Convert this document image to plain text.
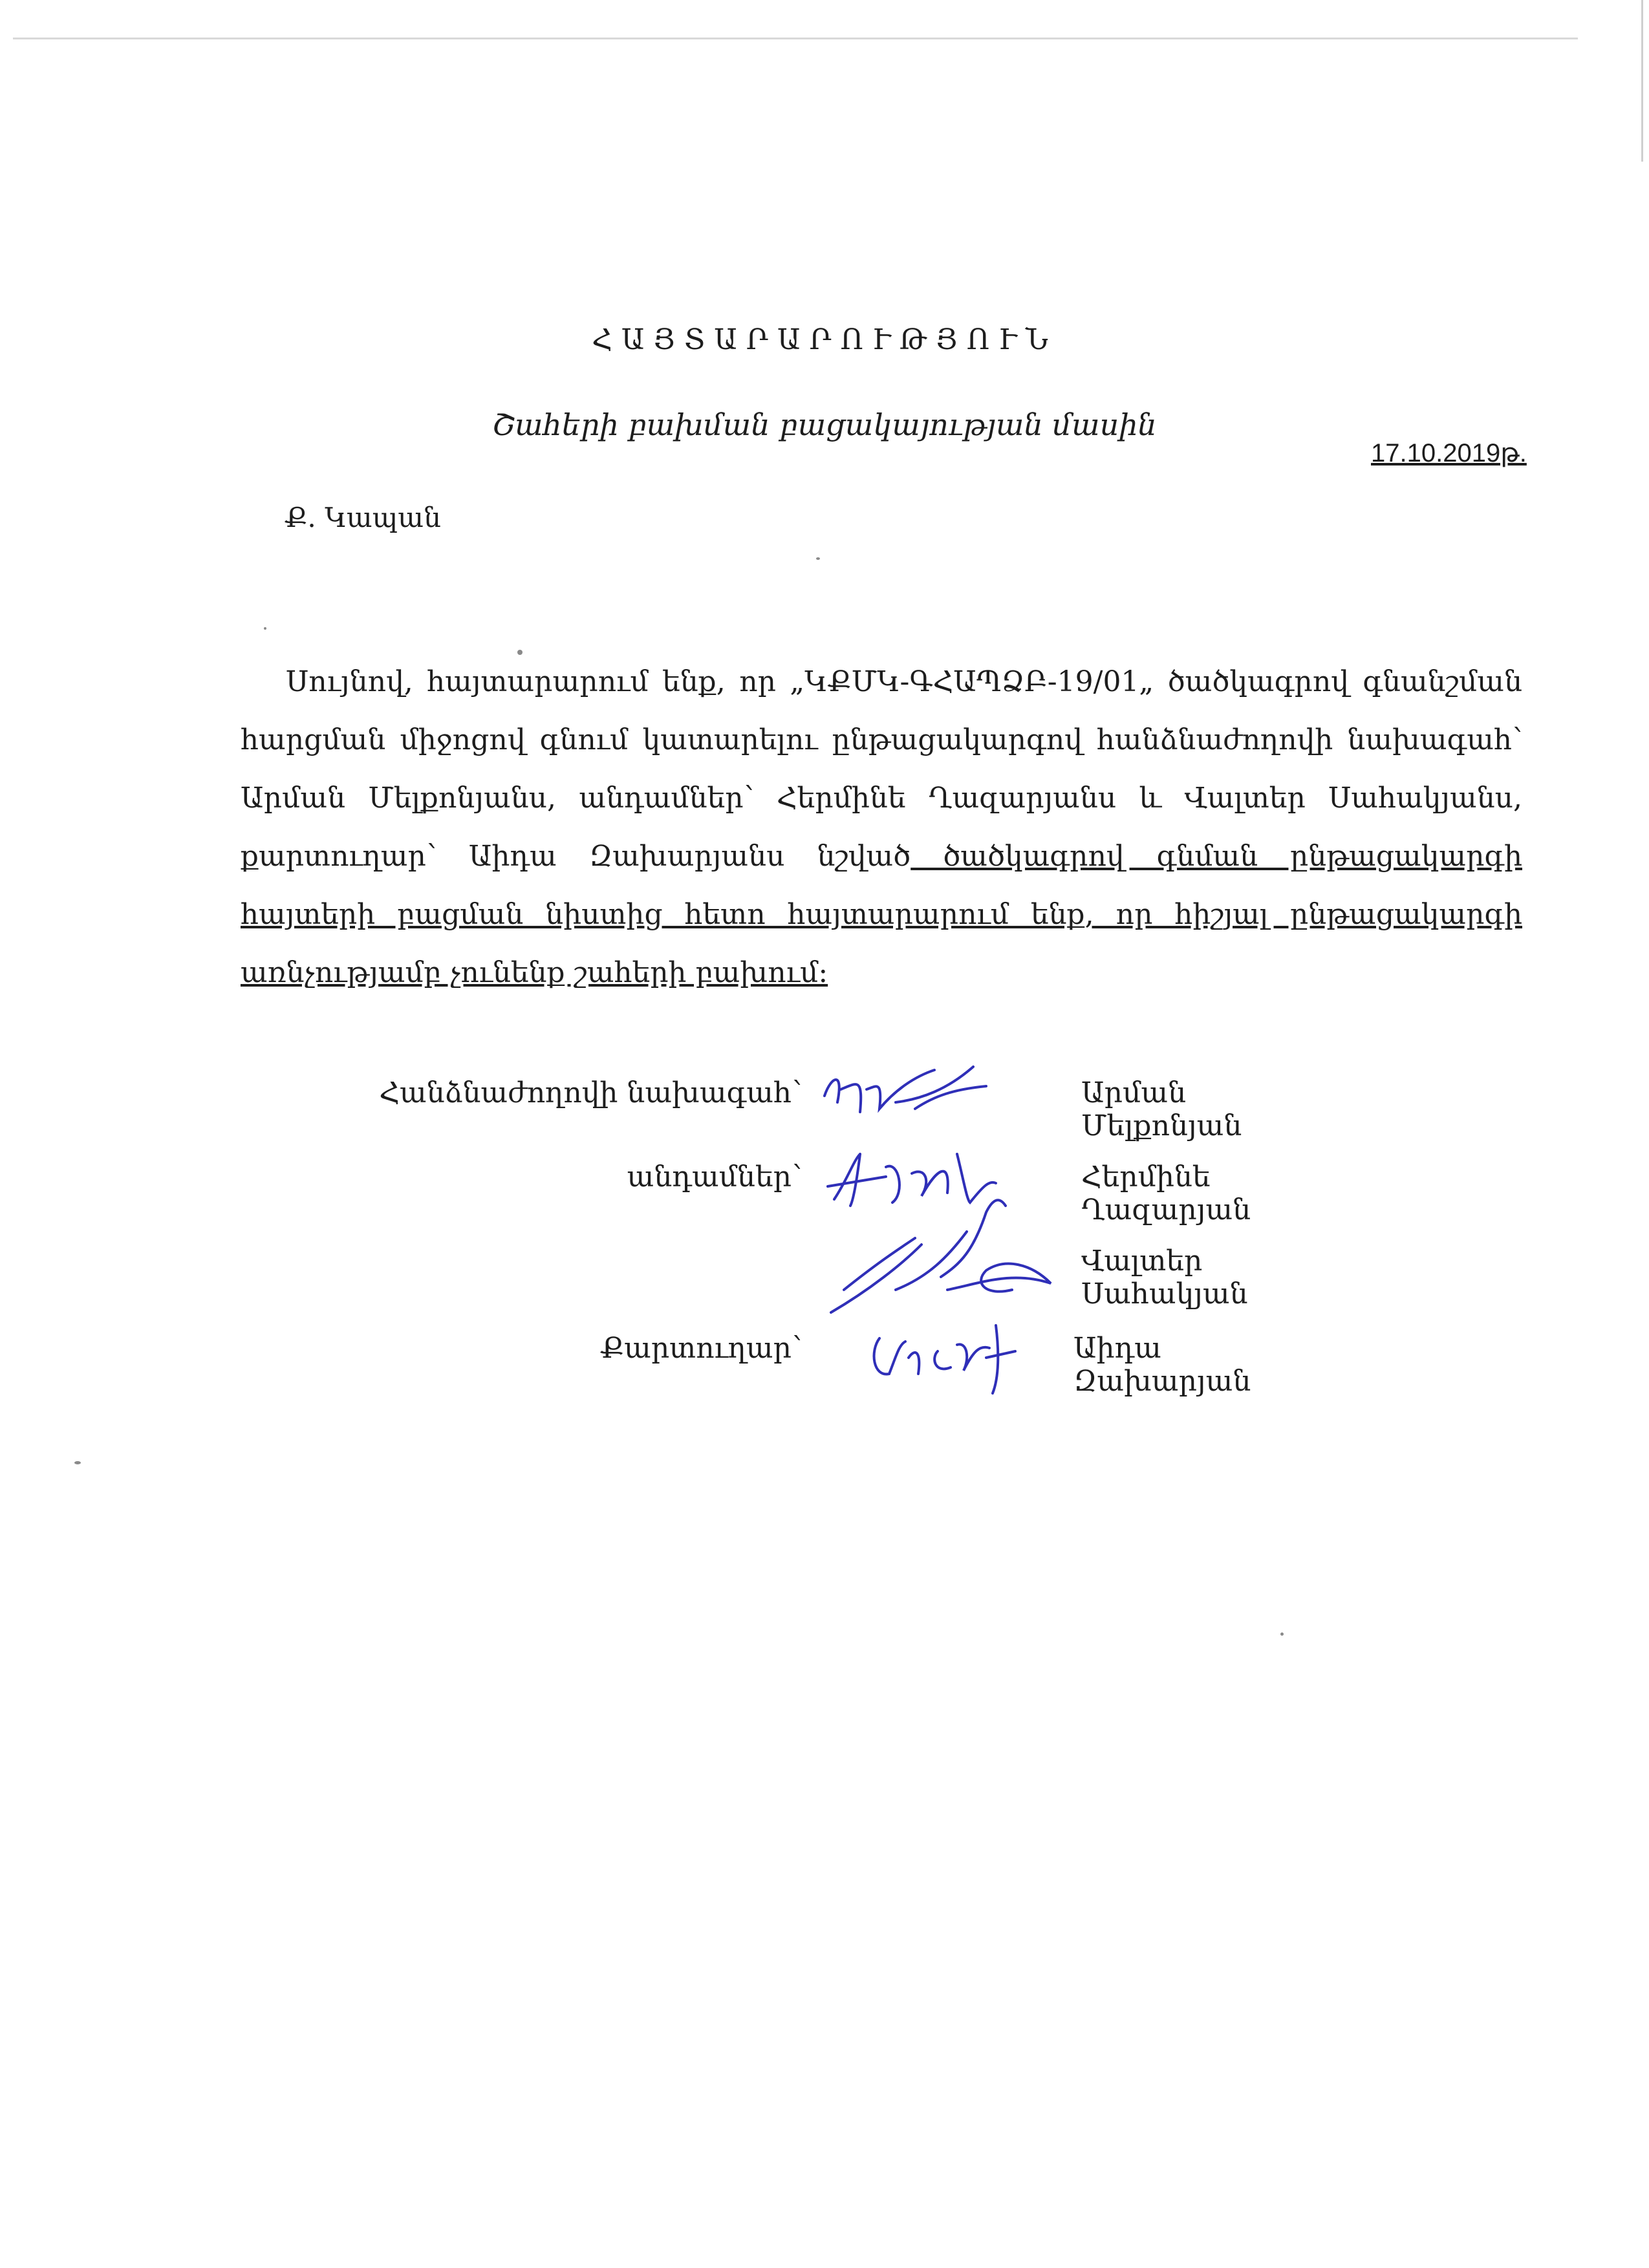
ՀԱՅՏԱՐԱՐՈՒԹՅՈՒՆ

Շահերի բախման բացակայության մասին

17.10.2019թ.
Ք. Կապան

Սույնով, հայտարարում ենք, որ „ԿՔՄԿ-ԳՀԱՊՁԲ-19/01„ ծածկագրով գնանշման հարցման միջոցով գնում կատարելու ընթացակարգով հանձնաժողովի նախագահ՝ Արման Մելքոնյանս, անդամներ՝ Հերմինե Ղազարյանս և Վալտեր Սահակյանս, քարտուղար՝ Աիդա Զախարյանս նշված ծածկագրով գնման ընթացակարգի հայտերի բացման նիստից հետո հայտարարում ենք, որ հիշյալ ընթացակարգի առնչությամբ չունենք շահերի բախում:

Հանձնաժողովի նախագահ՝	Արման Մելքոնյան
անդամներ՝	Հերմինե Ղազարյան
Վալտեր Սահակյան
Քարտուղար՝	Աիդա Զախարյան
